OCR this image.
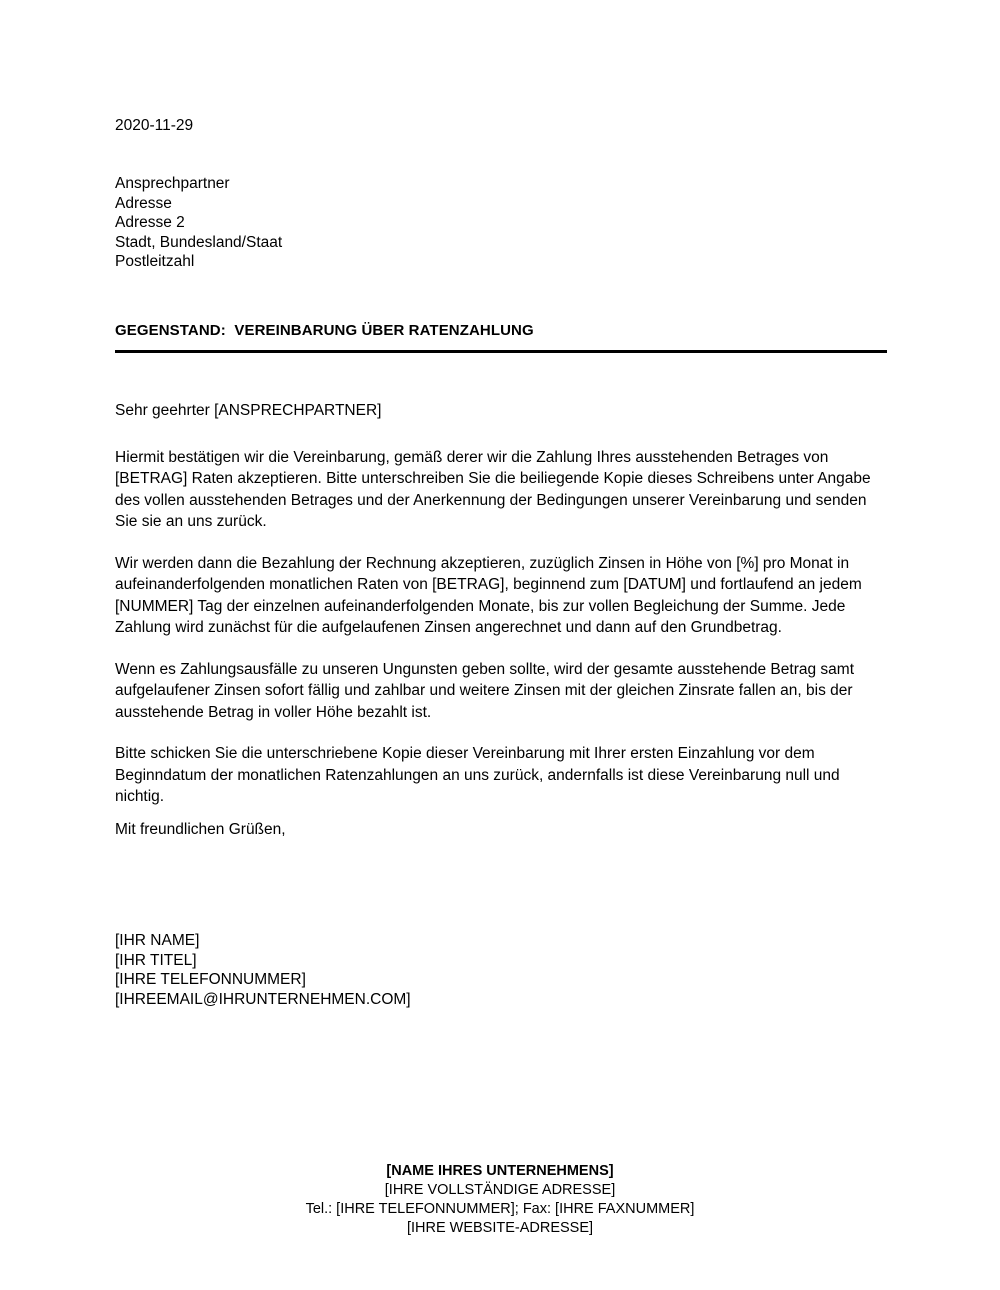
2020-11-29
Ansprechpartner
Adresse
Adresse 2
Stadt, Bundesland/Staat
Postleitzahl
GEGENSTAND:  VEREINBARUNG ÜBER RATENZAHLUNG

Sehr geehrter [ANSPRECHPARTNER]

Hiermit bestätigen wir die Vereinbarung, gemäß derer wir die Zahlung Ihres ausstehenden Betrages von [BETRAG] Raten akzeptieren. Bitte unterschreiben Sie die beiliegende Kopie dieses Schreibens unter Angabe des vollen ausstehenden Betrages und der Anerkennung der Bedingungen unserer Vereinbarung und senden Sie sie an uns zurück.

Wir werden dann die Bezahlung der Rechnung akzeptieren, zuzüglich Zinsen in Höhe von [%] pro Monat in aufeinanderfolgenden monatlichen Raten von [BETRAG], beginnend zum [DATUM] und fortlaufend an jedem [NUMMER] Tag der einzelnen aufeinanderfolgenden Monate, bis zur vollen Begleichung der Summe. Jede Zahlung wird zunächst für die aufgelaufenen Zinsen angerechnet und dann auf den Grundbetrag.

Wenn es Zahlungsausfälle zu unseren Ungunsten geben sollte, wird der gesamte ausstehende Betrag samt aufgelaufener Zinsen sofort fällig und zahlbar und weitere Zinsen mit der gleichen Zinsrate fallen an, bis der ausstehende Betrag in voller Höhe bezahlt ist.

Bitte schicken Sie die unterschriebene Kopie dieser Vereinbarung mit Ihrer ersten Einzahlung vor dem Beginndatum der monatlichen Ratenzahlungen an uns zurück, andernfalls ist diese Vereinbarung null und nichtig.

Mit freundlichen Grüßen,
[IHR NAME]
[IHR TITEL]
[IHRE TELEFONNUMMER]
[IHREEMAIL@IHRUNTERNEHMEN.COM]
[NAME IHRES UNTERNEHMENS]
[IHRE VOLLSTÄNDIGE ADRESSE]
Tel.: [IHRE TELEFONNUMMER]; Fax: [IHRE FAXNUMMER]
[IHRE WEBSITE-ADRESSE]
